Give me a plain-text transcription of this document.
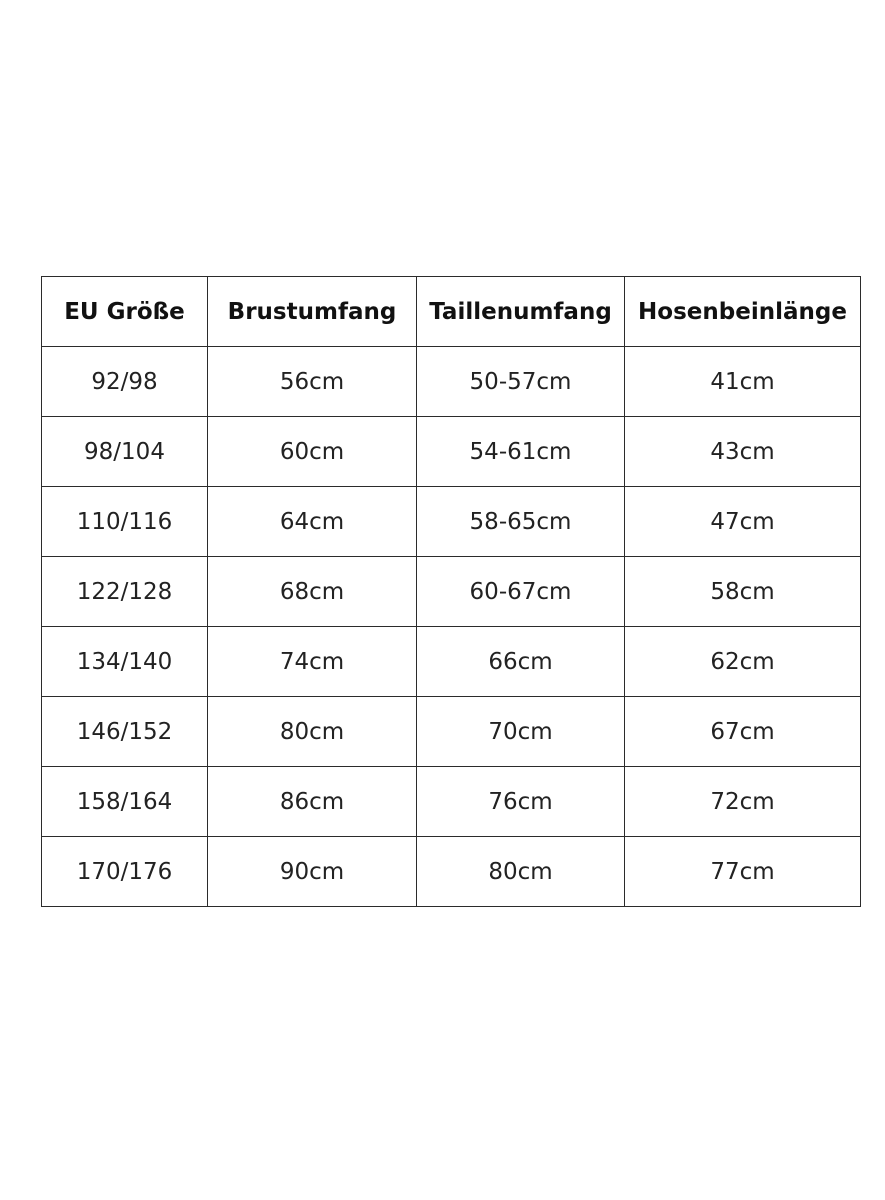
EU Größe	Brustumfang	Taillenumfang	Hosenbeinlänge
92/98	56cm	50-57cm	41cm
98/104	60cm	54-61cm	43cm
110/116	64cm	58-65cm	47cm
122/128	68cm	60-67cm	58cm
134/140	74cm	66cm	62cm
146/152	80cm	70cm	67cm
158/164	86cm	76cm	72cm
170/176	90cm	80cm	77cm
